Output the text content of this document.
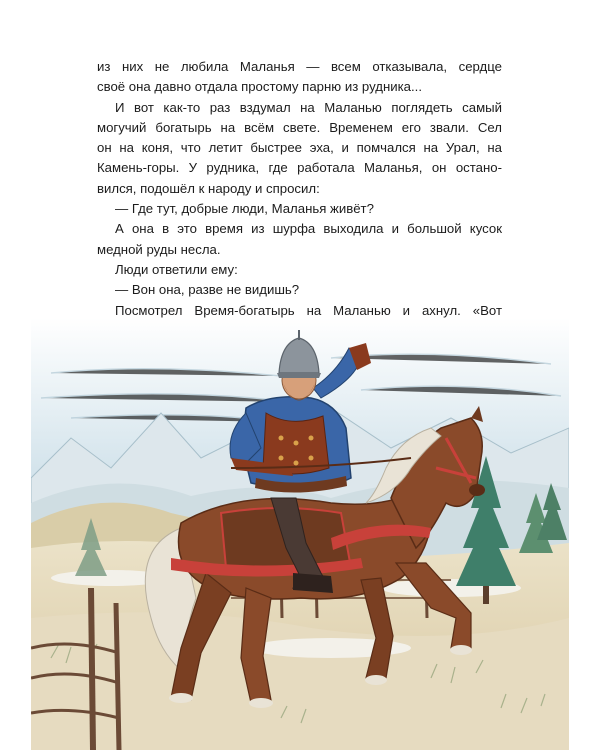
из них не любила Маланья — всем отказывала, сердце
своё она давно отдала простому парню из рудника...
И вот как-то раз вздумал на Маланью поглядеть самый
могучий богатырь на всём свете. Временем его звали. Сел
он на коня, что летит быстрее эха, и помчался на Урал, на
Камень-горы. У рудника, где работала Маланья, он остано-
вился, подошёл к народу и спросил:
— Где тут, добрые люди, Маланья живёт?
А она в это время из шурфа выходила и большой кусок
медной руды несла.
Люди ответили ему:
— Вон она, разве не видишь?
Посмотрел Время-богатырь на Маланью и ахнул. «Вот
